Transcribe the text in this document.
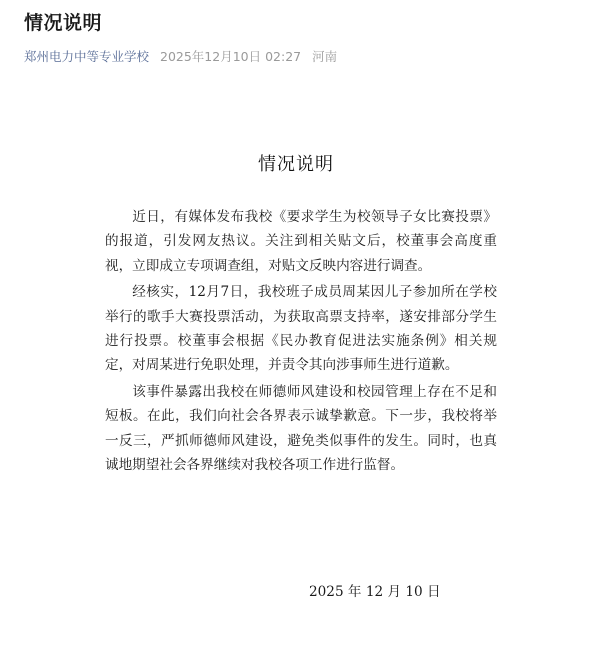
情况说明
郑州电力中等专业学校 2025年12月10日 02:27 河南
情况说明

近日，有媒体发布我校《要求学生为校领导子女比赛投票》的报道，引发网友热议。关注到相关贴文后，校董事会高度重视，立即成立专项调查组，对贴文反映内容进行调查。

经核实，12月7日，我校班子成员周某因儿子参加所在学校举行的歌手大赛投票活动，为获取高票支持率，遂安排部分学生进行投票。校董事会根据《民办教育促进法实施条例》相关规定，对周某进行免职处理，并责令其向涉事师生进行道歉。

该事件暴露出我校在师德师风建设和校园管理上存在不足和短板。在此，我们向社会各界表示诚挚歉意。下一步，我校将举一反三，严抓师德师风建设，避免类似事件的发生。同时，也真诚地期望社会各界继续对我校各项工作进行监督。

2025 年 12 月 10 日
